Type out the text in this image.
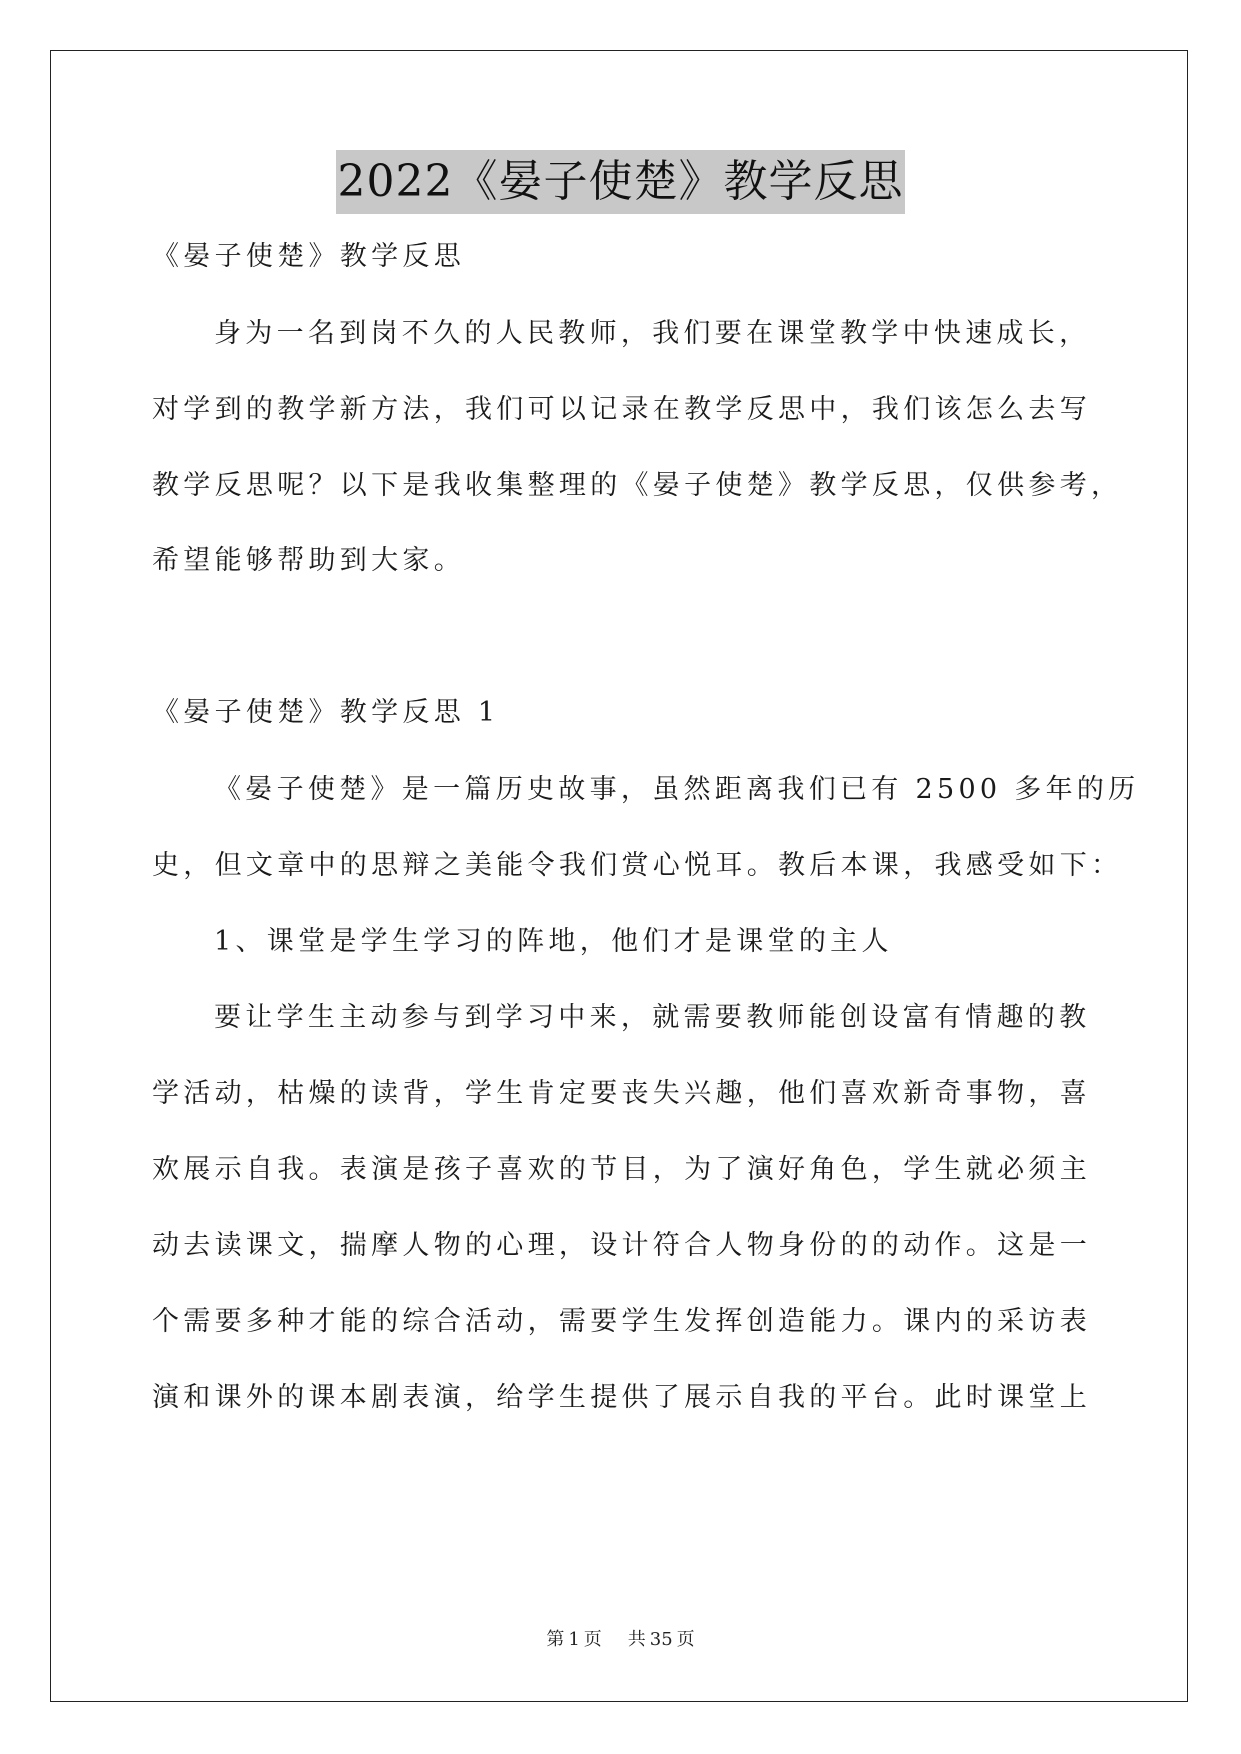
2022《晏子使楚》教学反思
《晏子使楚》教学反思
身为一名到岗不久的人民教师，我们要在课堂教学中快速成长，
对学到的教学新方法，我们可以记录在教学反思中，我们该怎么去写
教学反思呢？以下是我收集整理的《晏子使楚》教学反思，仅供参考，
希望能够帮助到大家。
《晏子使楚》教学反思 1
《晏子使楚》是一篇历史故事，虽然距离我们已有 2500 多年的历
史，但文章中的思辩之美能令我们赏心悦耳。教后本课，我感受如下：
1、课堂是学生学习的阵地，他们才是课堂的主人
要让学生主动参与到学习中来，就需要教师能创设富有情趣的教
学活动，枯燥的读背，学生肯定要丧失兴趣，他们喜欢新奇事物，喜
欢展示自我。表演是孩子喜欢的节目，为了演好角色，学生就必须主
动去读课文，揣摩人物的心理，设计符合人物身份的的动作。这是一
个需要多种才能的综合活动，需要学生发挥创造能力。课内的采访表
演和课外的课本剧表演，给学生提供了展示自我的平台。此时课堂上
第 1 页 共 35 页
